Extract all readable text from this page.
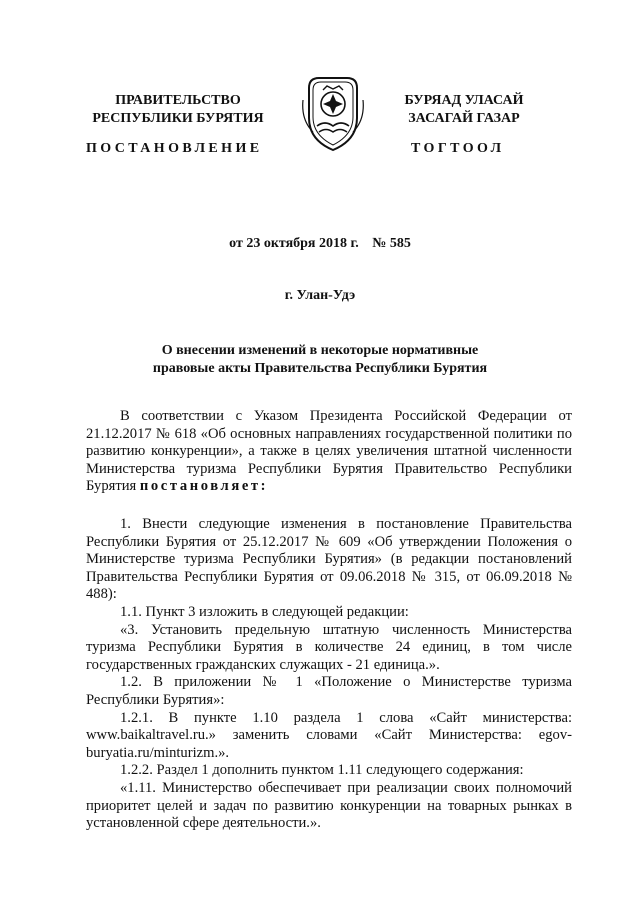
ПРАВИТЕЛЬСТВО
РЕСПУБЛИКИ БУРЯТИЯ
БУРЯАД УЛАСАЙ
ЗАСАГАЙ ГАЗАР
ПОСТАНОВЛЕНИЕ	ТОГТООЛ
от 23 октября 2018 г. № 585
г. Улан-Удэ
О внесении изменений в некоторые нормативные
правовые акты Правительства Республики Бурятия

В соответствии с Указом Президента Российской Федерации от 21.12.2017 № 618 «Об основных направлениях государственной политики по развитию конкуренции», а также в целях увеличения штатной численности Министерства туризма Республики Бурятия Правительство Республики Бурятия постановляет:

1. Внести следующие изменения в постановление Правительства Республики Бурятия от 25.12.2017 № 609 «Об утверждении Положения о Министерстве туризма Республики Бурятия» (в редакции постановлений Правительства Республики Бурятия от 09.06.2018 № 315, от 06.09.2018 № 488):

1.1. Пункт 3 изложить в следующей редакции:

«3. Установить предельную штатную численность Министерства туризма Республики Бурятия в количестве 24 единиц, в том числе государственных гражданских служащих - 21 единица.».

1.2. В приложении № 1 «Положение о Министерстве туризма Республики Бурятия»:

1.2.1. В пункте 1.10 раздела 1 слова «Сайт министерства: www.baikaltravel.ru.» заменить словами «Сайт Министерства: egov-buryatia.ru/minturizm.».

1.2.2. Раздел 1 дополнить пунктом 1.11 следующего содержания:

«1.11. Министерство обеспечивает при реализации своих полномочий приоритет целей и задач по развитию конкуренции на товарных рынках в установленной сфере деятельности.».
